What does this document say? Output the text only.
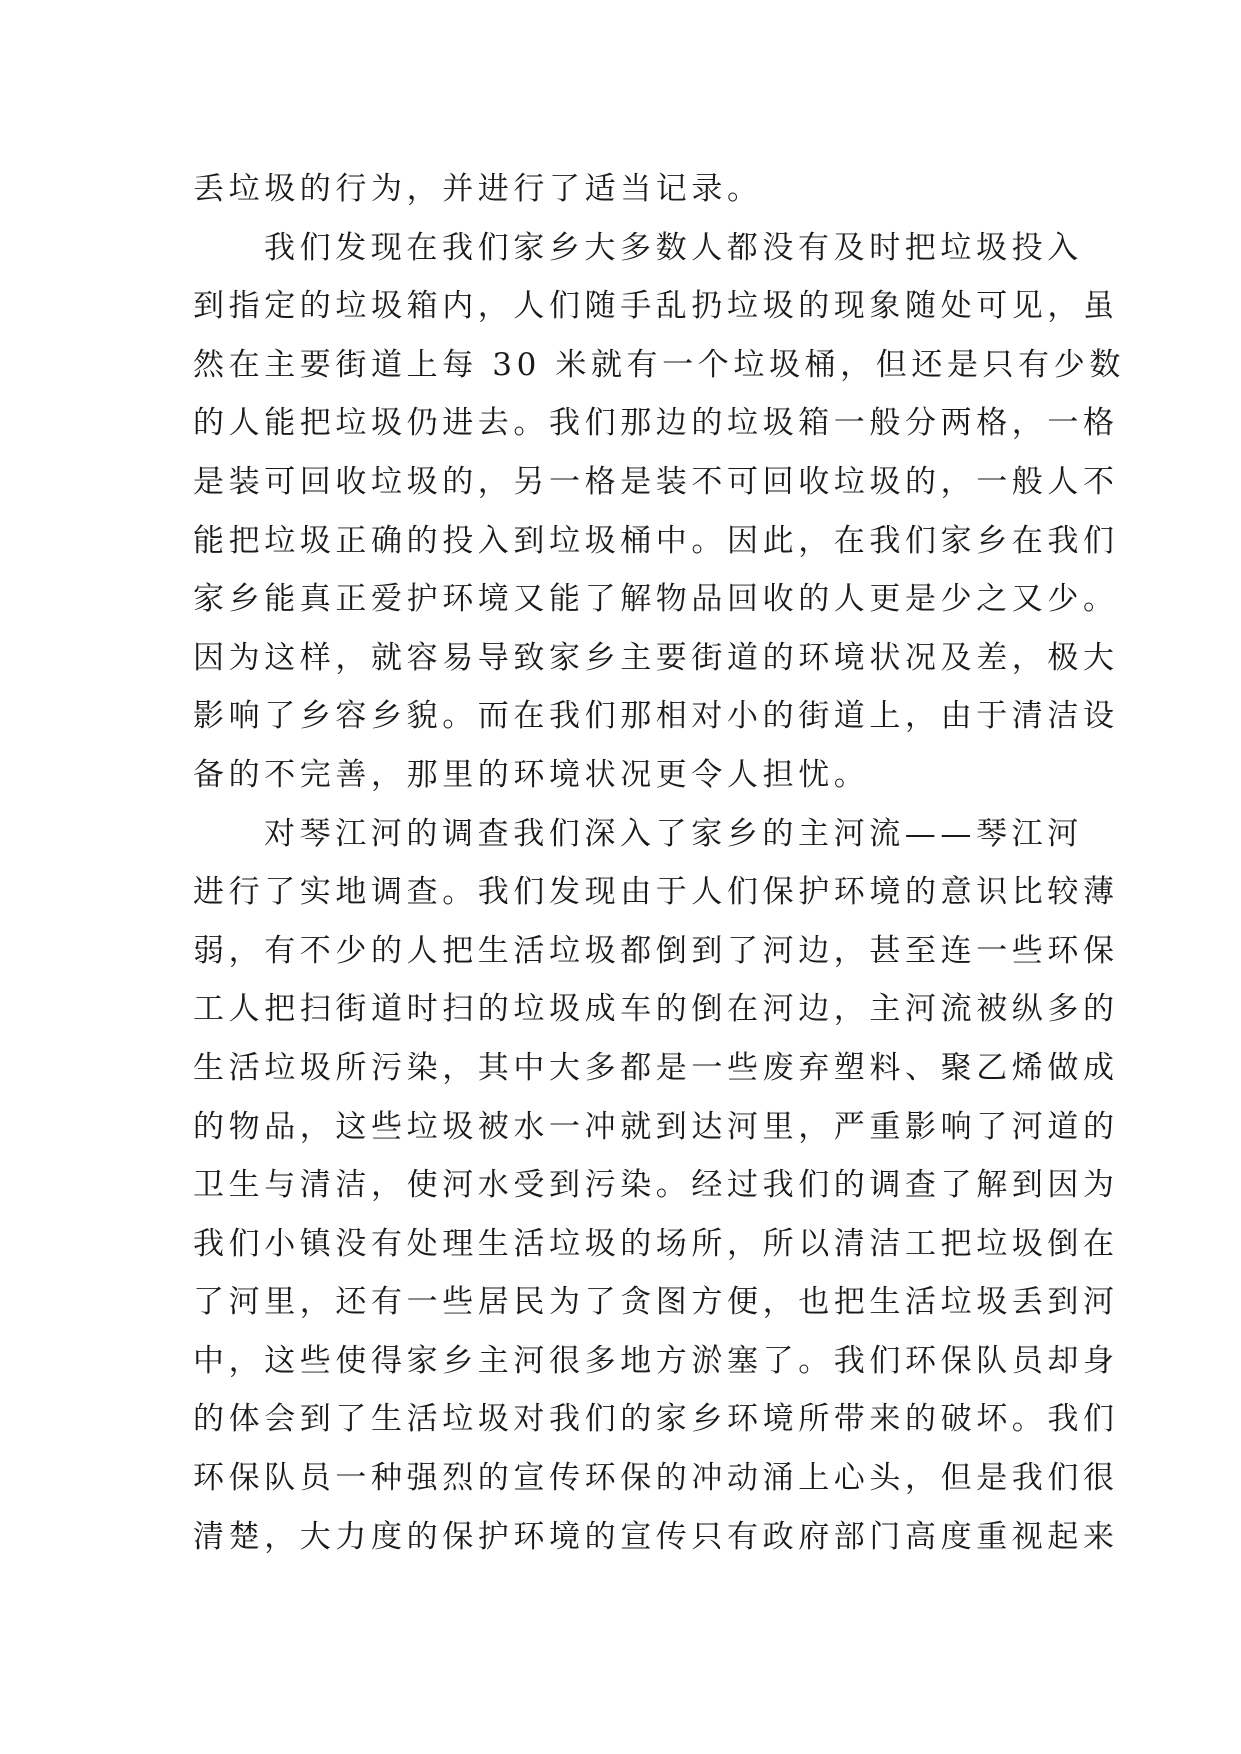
丢垃圾的行为，并进行了适当记录。
我们发现在我们家乡大多数人都没有及时把垃圾投入
到指定的垃圾箱内，人们随手乱扔垃圾的现象随处可见，虽
然在主要街道上每 30 米就有一个垃圾桶，但还是只有少数
的人能把垃圾仍进去。我们那边的垃圾箱一般分两格，一格
是装可回收垃圾的，另一格是装不可回收垃圾的，一般人不
能把垃圾正确的投入到垃圾桶中。因此，在我们家乡在我们
家乡能真正爱护环境又能了解物品回收的人更是少之又少。
因为这样，就容易导致家乡主要街道的环境状况及差，极大
影响了乡容乡貌。而在我们那相对小的街道上，由于清洁设
备的不完善，那里的环境状况更令人担忧。
对琴江河的调查我们深入了家乡的主河流——琴江河
进行了实地调查。我们发现由于人们保护环境的意识比较薄
弱，有不少的人把生活垃圾都倒到了河边，甚至连一些环保
工人把扫街道时扫的垃圾成车的倒在河边，主河流被纵多的
生活垃圾所污染，其中大多都是一些废弃塑料、聚乙烯做成
的物品，这些垃圾被水一冲就到达河里，严重影响了河道的
卫生与清洁，使河水受到污染。经过我们的调查了解到因为
我们小镇没有处理生活垃圾的场所，所以清洁工把垃圾倒在
了河里，还有一些居民为了贪图方便，也把生活垃圾丢到河
中，这些使得家乡主河很多地方淤塞了。我们环保队员却身
的体会到了生活垃圾对我们的家乡环境所带来的破坏。我们
环保队员一种强烈的宣传环保的冲动涌上心头，但是我们很
清楚，大力度的保护环境的宣传只有政府部门高度重视起来
